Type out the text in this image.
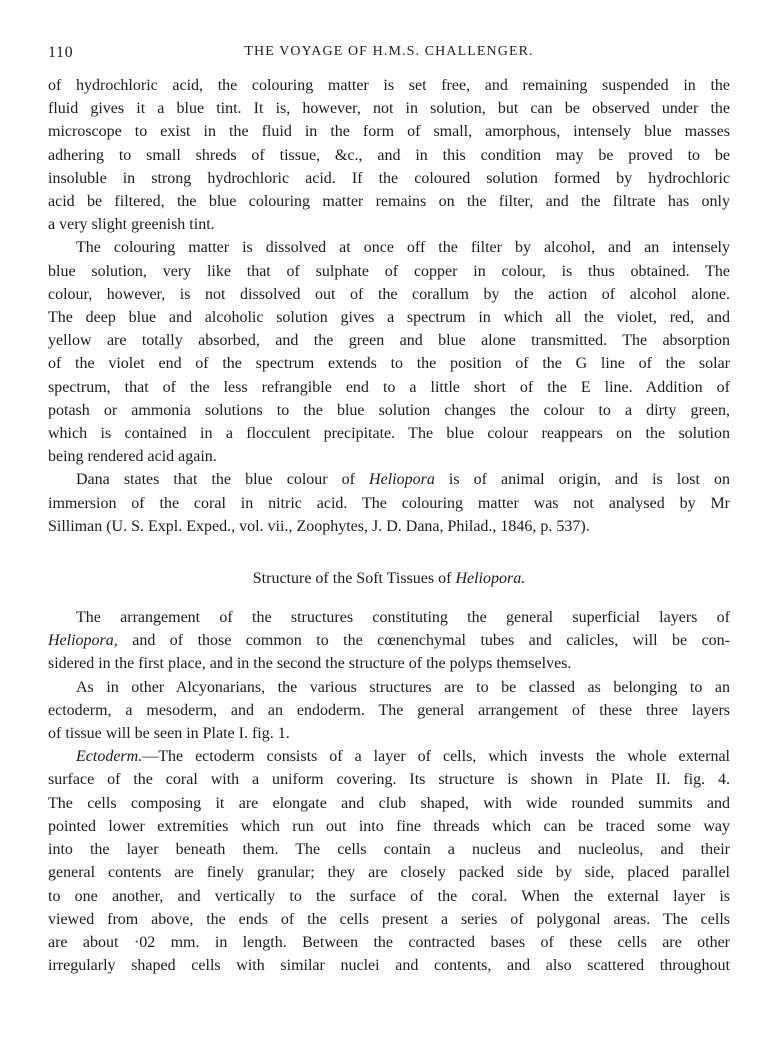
110	THE VOYAGE OF H.M.S. CHALLENGER.

of hydrochloric acid, the colouring matter is set free, and remaining suspended in the
fluid gives it a blue tint. It is, however, not in solution, but can be observed under the
microscope to exist in the fluid in the form of small, amorphous, intensely blue masses
adhering to small shreds of tissue, &c., and in this condition may be proved to be
insoluble in strong hydrochloric acid. If the coloured solution formed by hydrochloric
acid be filtered, the blue colouring matter remains on the filter, and the filtrate has only
a very slight greenish tint.

The colouring matter is dissolved at once off the filter by alcohol, and an intensely
blue solution, very like that of sulphate of copper in colour, is thus obtained. The
colour, however, is not dissolved out of the corallum by the action of alcohol alone.
The deep blue and alcoholic solution gives a spectrum in which all the violet, red, and
yellow are totally absorbed, and the green and blue alone transmitted. The absorption
of the violet end of the spectrum extends to the position of the G line of the solar
spectrum, that of the less refrangible end to a little short of the E line. Addition of
potash or ammonia solutions to the blue solution changes the colour to a dirty green,
which is contained in a flocculent precipitate. The blue colour reappears on the solution
being rendered acid again.

Dana states that the blue colour of Heliopora is of animal origin, and is lost on
immersion of the coral in nitric acid. The colouring matter was not analysed by Mr
Silliman (U. S. Expl. Exped., vol. vii., Zoophytes, J. D. Dana, Philad., 1846, p. 537).

Structure of the Soft Tissues of Heliopora.

The arrangement of the structures constituting the general superficial layers of
Heliopora, and of those common to the cœnenchymal tubes and calicles, will be con-
sidered in the first place, and in the second the structure of the polyps themselves.

As in other Alcyonarians, the various structures are to be classed as belonging to an
ectoderm, a mesoderm, and an endoderm. The general arrangement of these three layers
of tissue will be seen in Plate I. fig. 1.

Ectoderm.—The ectoderm consists of a layer of cells, which invests the whole external
surface of the coral with a uniform covering. Its structure is shown in Plate II. fig. 4.
The cells composing it are elongate and club shaped, with wide rounded summits and
pointed lower extremities which run out into fine threads which can be traced some way
into the layer beneath them. The cells contain a nucleus and nucleolus, and their
general contents are finely granular; they are closely packed side by side, placed parallel
to one another, and vertically to the surface of the coral. When the external layer is
viewed from above, the ends of the cells present a series of polygonal areas. The cells
are about ·02 mm. in length. Between the contracted bases of these cells are other
irregularly shaped cells with similar nuclei and contents, and also scattered throughout
